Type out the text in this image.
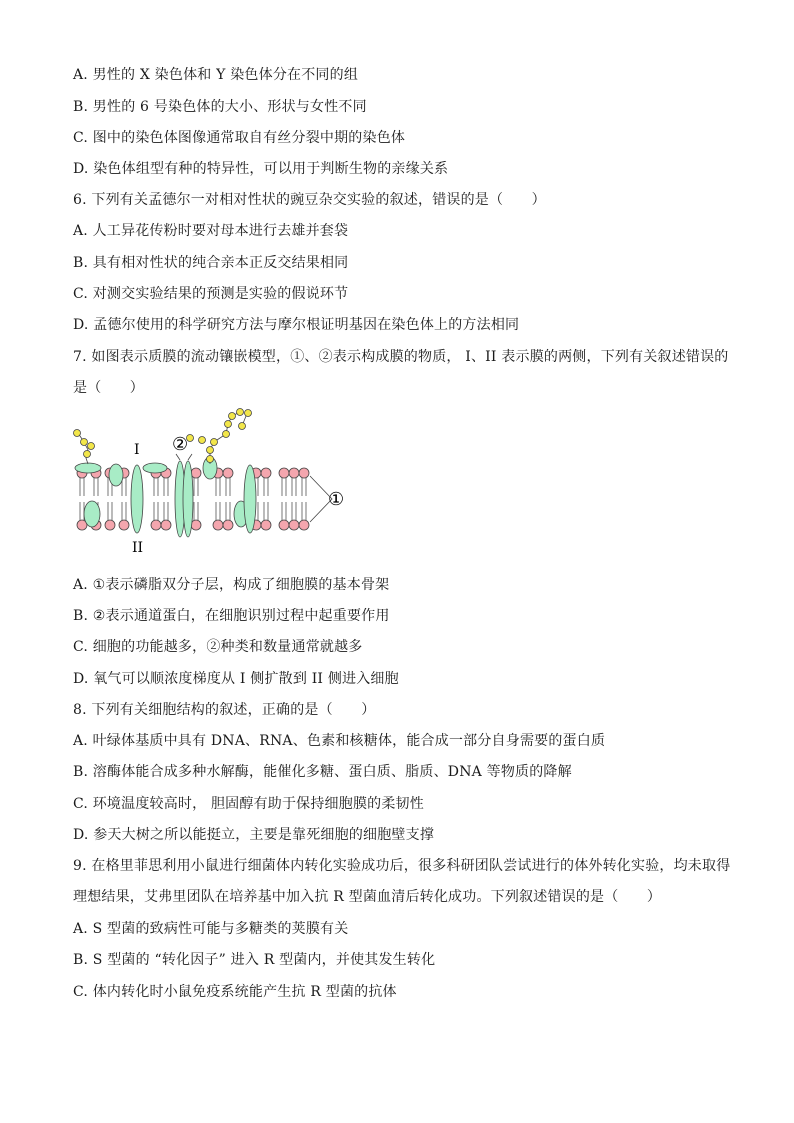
A. 男性的 X 染色体和 Y 染色体分在不同的组
B. 男性的 6 号染色体的大小、形状与女性不同
C. 图中的染色体图像通常取自有丝分裂中期的染色体
D. 染色体组型有种的特异性，可以用于判断生物的亲缘关系
6. 下列有关孟德尔一对相对性状的豌豆杂交实验的叙述，错误的是（　　）
A. 人工异花传粉时要对母本进行去雄并套袋
B. 具有相对性状的纯合亲本正反交结果相同
C. 对测交实验结果的预测是实验的假说环节
D. 孟德尔使用的科学研究方法与摩尔根证明基因在染色体上的方法相同
7. 如图表示质膜的流动镶嵌模型，①、②表示构成膜的物质， I、II 表示膜的两侧，下列有关叙述错误的
是（　　）
I
II
②
①
A. ①表示磷脂双分子层，构成了细胞膜的基本骨架
B. ②表示通道蛋白，在细胞识别过程中起重要作用
C. 细胞的功能越多，②种类和数量通常就越多
D. 氧气可以顺浓度梯度从 I 侧扩散到 II 侧进入细胞
8. 下列有关细胞结构的叙述，正确的是（　　）
A. 叶绿体基质中具有 DNA、RNA、色素和核糖体，能合成一部分自身需要的蛋白质
B. 溶酶体能合成多种水解酶，能催化多糖、蛋白质、脂质、DNA 等物质的降解
C. 环境温度较高时， 胆固醇有助于保持细胞膜的柔韧性
D. 参天大树之所以能挺立，主要是靠死细胞的细胞壁支撑
9. 在格里菲思利用小鼠进行细菌体内转化实验成功后，很多科研团队尝试进行的体外转化实验，均未取得
理想结果，艾弗里团队在培养基中加入抗 R 型菌血清后转化成功。下列叙述错误的是（　　）
A. S 型菌的致病性可能与多糖类的荚膜有关
B. S 型菌的 “转化因子” 进入 R 型菌内，并使其发生转化
C. 体内转化时小鼠免疫系统能产生抗 R 型菌的抗体
